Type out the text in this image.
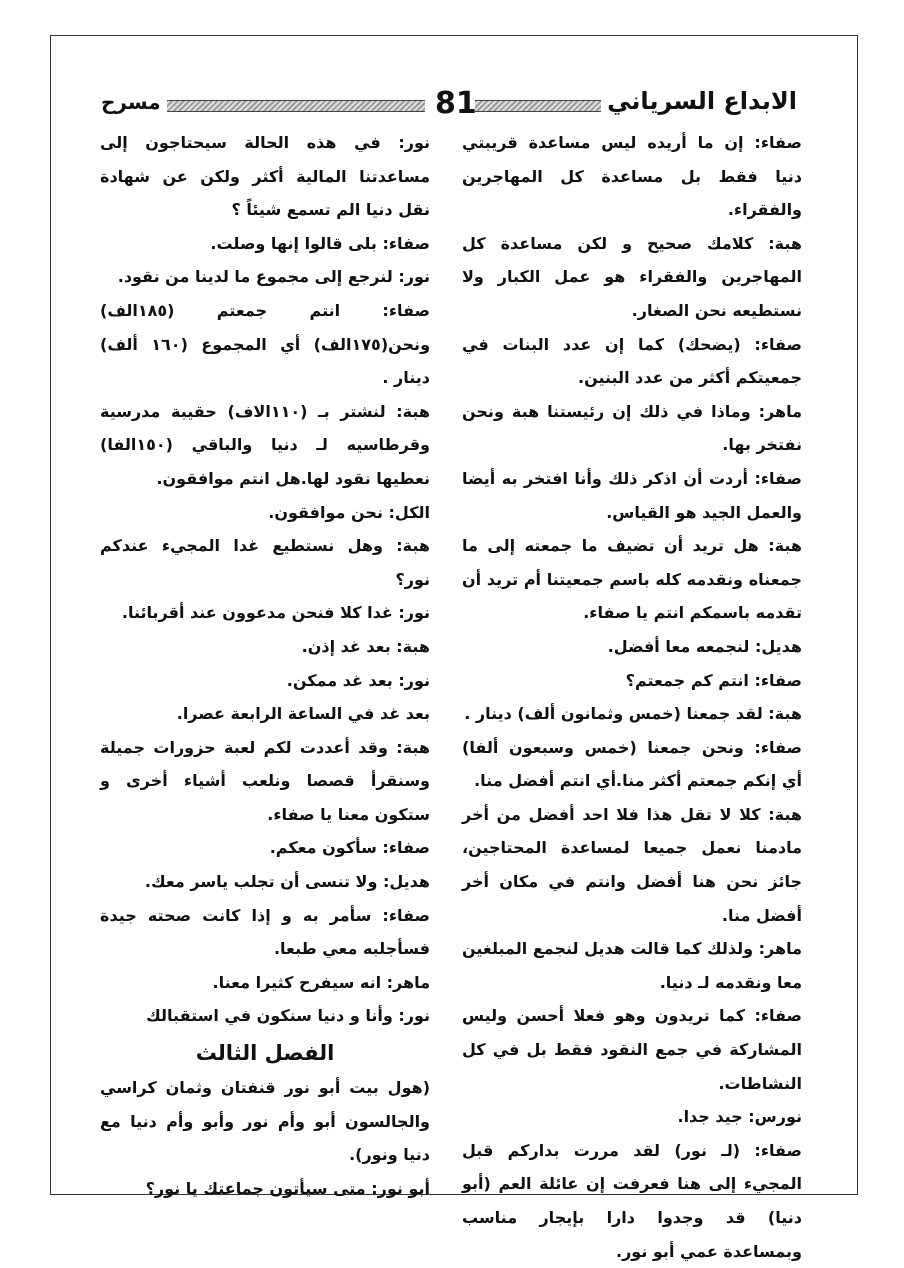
مسرح	81	الابداع السرياني

صفاء: إن ما أريده ليس مساعدة قريبتي دنيا فقط بل مساعدة كل المهاجرين والفقراء.

هبة: كلامك صحيح و لكن مساعدة كل المهاجرين والفقراء هو عمل الكبار ولا نستطيعه نحن الصغار.

صفاء: (يضحك) كما إن عدد البنات في جمعيتكم أكثر من عدد البنين.

ماهر: وماذا في ذلك إن رئيستنا هبة ونحن نفتخر بها.

صفاء: أردت أن اذكر ذلك وأنا افتخر به أيضا والعمل الجيد هو القياس.

هبة: هل تريد أن تضيف ما جمعته إلى ما جمعناه ونقدمه كله باسم جمعيتنا أم تريد أن تقدمه باسمكم انتم يا صفاء.

هديل: لنجمعه معا أفضل.

صفاء: انتم كم جمعتم؟

هبة: لقد جمعنا (خمس وثمانون ألف) دينار .

صفاء: ونحن جمعنا (خمس وسبعون ألفا) أي إنكم جمعتم أكثر منا.أي انتم أفضل منا.

هبة: كلا لا تقل هذا فلا احد أفضل من أخر مادمنا نعمل جميعا لمساعدة المحتاجين، جائز نحن هنا أفضل وانتم في مكان أخر أفضل منا.

ماهر: ولذلك كما قالت هديل لنجمع المبلغين معا ونقدمه لـ دنيا.

صفاء: كما تريدون وهو فعلا أحسن وليس المشاركة في جمع النقود فقط بل في كل النشاطات.

نورس: جيد جدا.

صفاء: (لـ نور) لقد مررت بداركم قبل المجيء إلى هنا فعرفت إن عائلة العم (أبو دنيا) قد وجدوا دارا بإيجار مناسب وبمساعدة عمي أبو نور.

نور: في هذه الحالة سيحتاجون إلى مساعدتنا المالية أكثر ولكن عن شهادة نقل دنيا الم تسمع شيئاً ؟

صفاء: بلى قالوا إنها وصلت.

نور: لنرجع إلى مجموع ما لدينا من نقود.

صفاء: انتم جمعتم (١٨٥الف) ونحن(١٧٥الف) أي المجموع (١٦٠ ألف) دينار .

هبة: لنشتر بـ (١١٠الاف) حقيبة مدرسية وقرطاسيه لـ دنيا والباقي (١٥٠الفا) نعطيها نقود لها.هل انتم موافقون.

الكل: نحن موافقون.

هبة: وهل نستطيع غدا المجيء عندكم نور؟

نور: غدا كلا فنحن مدعوون عند أقربائنا.

هبة: بعد غد إذن.

نور: بعد غد ممكن.

بعد غد في الساعة الرابعة عصرا.

هبة: وقد أعددت لكم لعبة حزورات جميلة وسنقرأ قصصا ونلعب أشياء أخرى و ستكون معنا يا صفاء.

صفاء: سأكون معكم.

هديل: ولا تنسى أن تجلب ياسر معك.

صفاء: سأمر به و إذا كانت صحته جيدة فسأجلبه معي طبعا.

ماهر: انه سيفرح كثيرا معنا.

نور: وأنا و دنيا سنكون في استقبالك

الفصل الثالث

(هول بيت أبو نور قنفتان وثمان كراسي والجالسون أبو وأم نور وأبو وأم دنيا مع دنيا ونور).

أبو نور: متى سيأتون جماعتك يا نور؟
